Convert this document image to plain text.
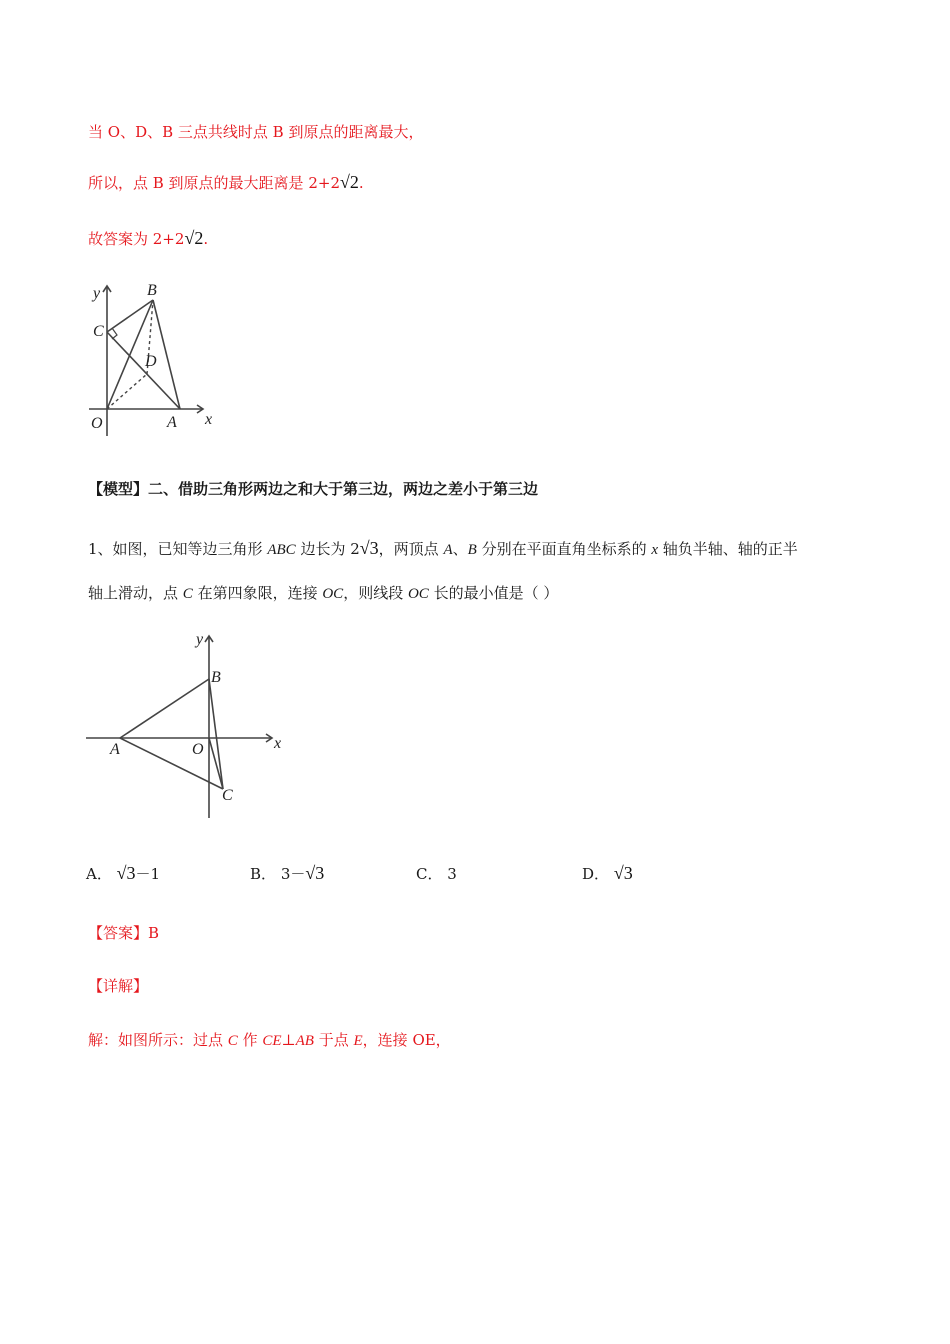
当 O、D、B 三点共线时点 B 到原点的距离最大，
所以，点 B 到原点的最大距离是 2+2√2.
故答案为 2+2√2.
y	B
C
D
O	A x
【模型】二、借助三角形两边之和大于第三边，两边之差小于第三边
1、如图，已知等边三角形 ABC 边长为 2√3，两顶点 A、B 分别在平面直角坐标系的 x 轴负半轴、轴的正半
轴上滑动，点 C 在第四象限，连接 OC，则线段 OC 长的最小值是（ ）
y
B
A	O
C
x
A． √3－1	B． 3－√3	C． 3	D． √3
【答案】B
【详解】
解：如图所示：过点 C 作 CE⊥AB 于点 E，连接 OE，
